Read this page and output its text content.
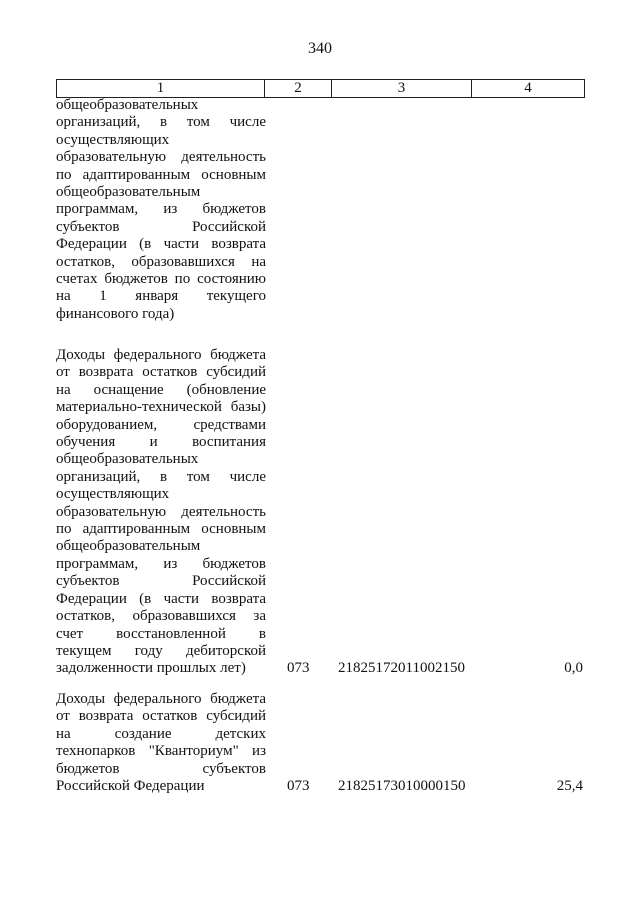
340
1	2	3	4
общеобразовательных
организаций, в том числе
осуществляющих
образовательную деятельность
по адаптированным основным
общеобразовательным
программам, из бюджетов
субъектов Российской
Федерации (в части возврата
остатков, образовавшихся на
счетах бюджетов по состоянию
на 1 января текущего
финансового года)
Доходы федерального бюджета
от возврата остатков субсидий
на оснащение (обновление
материально-технической базы)
оборудованием, средствами
обучения и воспитания
общеобразовательных
организаций, в том числе
осуществляющих
образовательную деятельность
по адаптированным основным
общеобразовательным
программам, из бюджетов
субъектов Российской
Федерации (в части возврата
остатков, образовавшихся за
счет восстановленной в
текущем году дебиторской
задолженности прошлых лет)	073 21825172011002150	0,0
Доходы федерального бюджета
от возврата остатков субсидий
на создание детских
технопарков "Кванториум" из
бюджетов субъектов
Российской Федерации	073 21825173010000150	25,4
